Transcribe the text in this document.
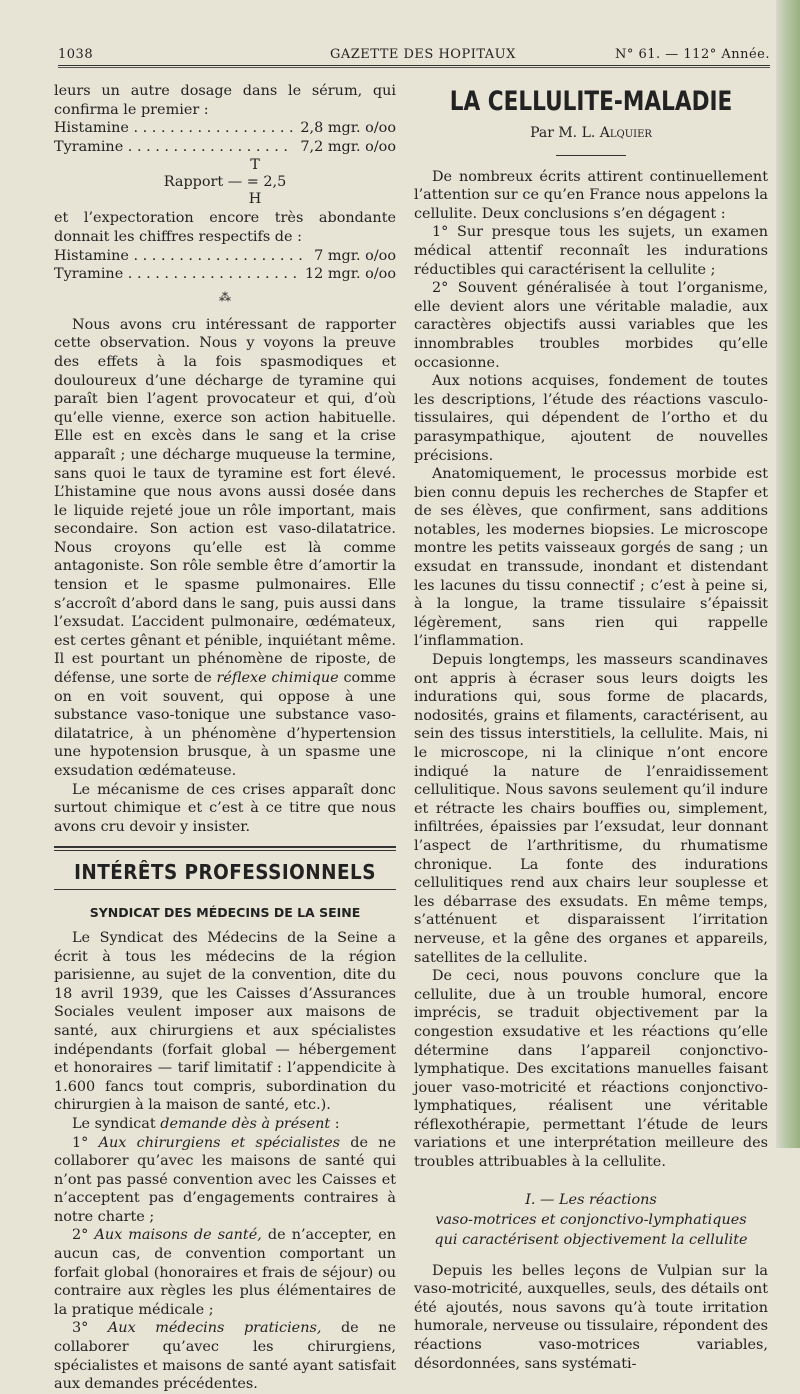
1038	GAZETTE DES HOPITAUX	N° 61. — 112° Année.

leurs un autre dosage dans le sérum, qui confirma le premier :

Histamine . . .	2,8 mgr. o/oo
Tyramine . . .	7,2 mgr. o/oo
T
Rapport — = 2,5
H

et l’expectoration encore très abondante donnait les chiffres respectifs de :

Histamine . . .	7 mgr. o/oo
Tyramine . . .	12 mgr. o/oo
⁂

Nous avons cru intéressant de rapporter cette observation. Nous y voyons la preuve des effets à la fois spasmodiques et douloureux d’une décharge de tyramine qui paraît bien l’agent provocateur et qui, d’où qu’elle vienne, exerce son action habituelle. Elle est en excès dans le sang et la crise apparaît ; une décharge muqueuse la termine, sans quoi le taux de tyramine est fort élevé. L’histamine que nous avons aussi dosée dans le liquide rejeté joue un rôle important, mais secondaire. Son action est vaso-dilatatrice. Nous croyons qu’elle est là comme antagoniste. Son rôle semble être d’amortir la tension et le spasme pulmonaires. Elle s’accroît d’abord dans le sang, puis aussi dans l’exsudat. L’accident pulmonaire, œdémateux, est certes gênant et pénible, inquiétant même. Il est pourtant un phénomène de riposte, de défense, une sorte de réflexe chimique comme on en voit souvent, qui oppose à une substance vaso-tonique une substance vaso-dilatatrice, à un phénomène d’hypertension une hypotension brusque, à un spasme une exsudation œdémateuse.

Le mécanisme de ces crises apparaît donc surtout chimique et c’est à ce titre que nous avons cru devoir y insister.

INTÉRÊTS PROFESSIONNELS
SYNDICAT DES MÉDECINS DE LA SEINE

Le Syndicat des Médecins de la Seine a écrit à tous les médecins de la région parisienne, au sujet de la convention, dite du 18 avril 1939, que les Caisses d’Assurances Sociales veulent imposer aux maisons de santé, aux chirurgiens et aux spécialistes indépendants (forfait global — hébergement et honoraires — tarif limitatif : l’appendicite à 1.600 fancs tout compris, subordination du chirurgien à la maison de santé, etc.).

Le syndicat demande dès à présent :

1° Aux chirurgiens et spécialistes de ne collaborer qu’avec les maisons de santé qui n’ont pas passé convention avec les Caisses et n’acceptent pas d’engagements contraires à notre charte ;

2° Aux maisons de santé, de n’accepter, en aucun cas, de convention comportant un forfait global (honoraires et frais de séjour) ou contraire aux règles les plus élémentaires de la pratique médicale ;

3° Aux médecins praticiens, de ne collaborer qu’avec les chirurgiens, spécialistes et maisons de santé ayant satisfait aux demandes précédentes.

LA CELLULITE-MALADIE
Par M. L. Alquier

De nombreux écrits attirent continuellement l’attention sur ce qu’en France nous appelons la cellulite. Deux conclusions s’en dégagent :

1° Sur presque tous les sujets, un examen médical attentif reconnaît les indurations réductibles qui caractérisent la cellulite ;

2° Souvent généralisée à tout l’organisme, elle devient alors une véritable maladie, aux caractères objectifs aussi variables que les innombrables troubles morbides qu’elle occasionne.

Aux notions acquises, fondement de toutes les descriptions, l’étude des réactions vasculo-tissulaires, qui dépendent de l’ortho et du parasympathique, ajoutent de nouvelles précisions.

Anatomiquement, le processus morbide est bien connu depuis les recherches de Stapfer et de ses élèves, que confirment, sans additions notables, les modernes biopsies. Le microscope montre les petits vaisseaux gorgés de sang ; un exsudat en transsude, inondant et distendant les lacunes du tissu connectif ; c’est à peine si, à la longue, la trame tissulaire s’épaissit légèrement, sans rien qui rappelle l’inflammation.

Depuis longtemps, les masseurs scandinaves ont appris à écraser sous leurs doigts les indurations qui, sous forme de placards, nodosités, grains et filaments, caractérisent, au sein des tissus interstitiels, la cellulite. Mais, ni le microscope, ni la clinique n’ont encore indiqué la nature de l’enraidissement cellulitique. Nous savons seulement qu’il indure et rétracte les chairs bouffies ou, simplement, infiltrées, épaissies par l’exsudat, leur donnant l’aspect de l’arthritisme, du rhumatisme chronique. La fonte des indurations cellulitiques rend aux chairs leur souplesse et les débarrase des exsudats. En même temps, s’atténuent et disparaissent l’irritation nerveuse, et la gêne des organes et appareils, satellites de la cellulite.

De ceci, nous pouvons conclure que la cellulite, due à un trouble humoral, encore imprécis, se traduit objectivement par la congestion exsudative et les réactions qu’elle détermine dans l’appareil conjonctivo-lymphatique. Des excitations manuelles faisant jouer vaso-motricité et réactions conjonctivo-lymphatiques, réalisent une véritable réflexothérapie, permettant l’étude de leurs variations et une interprétation meilleure des troubles attribuables à la cellulite.

I. — Les réactions
vaso-motrices et conjonctivo-lymphatiques
qui caractérisent objectivement la cellulite

Depuis les belles leçons de Vulpian sur la vaso-motricité, auxquelles, seuls, des détails ont été ajoutés, nous savons qu’à toute irritation humorale, nerveuse ou tissulaire, répondent des réactions vaso-motrices variables, désordonnées, sans systémati-
